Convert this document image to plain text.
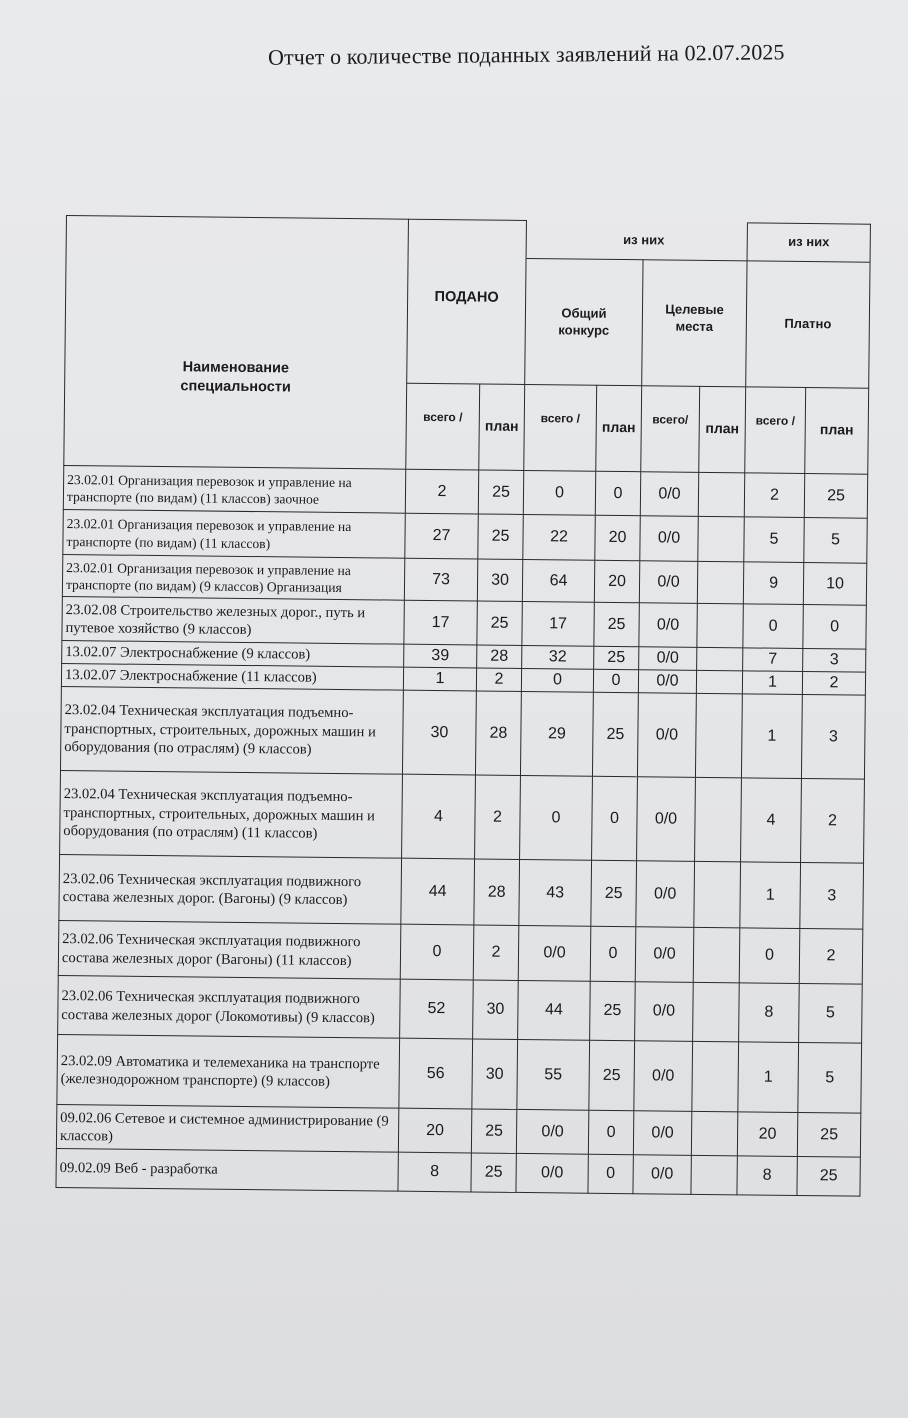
Отчет о количестве поданных заявлений на 02.07.2025
Наименование специальности	ПОДАНО		из них				из них	

			Общий конкурс		Целевые места		Платно	

	всего /	план	всего /	план	всего/	план	всего /	план
23.02.01 Организация перевозок и управление на транспорте (по видам) (11 классов) заочное	2	25	0	0	0/0		2	25
23.02.01 Организация перевозок и управление на транспорте (по видам) (11 классов)	27	25	22	20	0/0		5	5
23.02.01 Организация перевозок и управление на транспорте (по видам) (9 классов) Организация	73	30	64	20	0/0		9	10
23.02.08 Строительство железных дорог., путь и путевое хозяйство (9 классов)	17	25	17	25	0/0		0	0
13.02.07 Электроснабжение (9 классов)	39	28	32	25	0/0		7	3
13.02.07 Электроснабжение (11 классов)	1	2	0	0	0/0		1	2
23.02.04 Техническая эксплуатация подъемно-транспортных, строительных, дорожных машин и оборудования (по отраслям) (9 классов)	30	28	29	25	0/0		1	3
23.02.04 Техническая эксплуатация подъемно-транспортных, строительных, дорожных машин и оборудования (по отраслям) (11 классов)	4	2	0	0	0/0		4	2
23.02.06 Техническая эксплуатация подвижного состава железных дорог. (Вагоны) (9 классов)	44	28	43	25	0/0		1	3
23.02.06 Техническая эксплуатация подвижного состава железных дорог (Вагоны) (11 классов)	0	2	0/0	0	0/0		0	2
23.02.06 Техническая эксплуатация подвижного состава железных дорог (Локомотивы) (9 классов)	52	30	44	25	0/0		8	5
23.02.09 Автоматика и телемеханика на транспорте (железнодорожном транспорте) (9 классов)	56	30	55	25	0/0		1	5
09.02.06 Сетевое и системное администрирование (9 классов)	20	25	0/0	0	0/0		20	25
09.02.09 Веб - разработка	8	25	0/0	0	0/0		8	25
